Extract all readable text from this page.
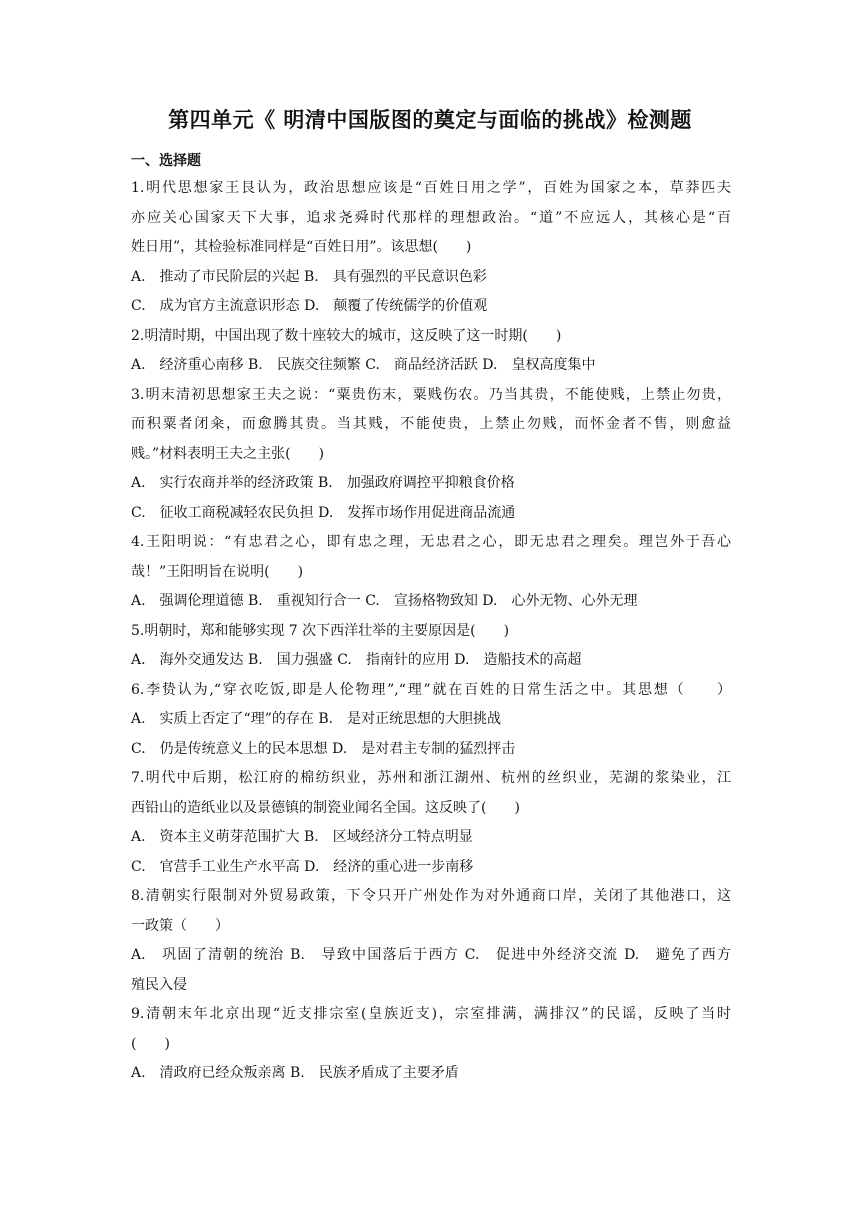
第四单元《 明清中国版图的奠定与面临的挑战》检测题
一、选择题
1.明代思想家王艮认为，政治思想应该是“百姓日用之学”，百姓为国家之本，草莽匹夫
亦应关心国家天下大事，追求尧舜时代那样的理想政治。“道”不应远人，其核心是“百
姓日用”，其检验标准同样是“百姓日用”。该思想(　　)
A.　推动了市民阶层的兴起 B.　具有强烈的平民意识色彩
C.　成为官方主流意识形态 D.　颠覆了传统儒学的价值观
2.明清时期，中国出现了数十座较大的城市，这反映了这一时期(　　)
A.　经济重心南移 B.　民族交往频繁 C.　商品经济活跃 D.　皇权高度集中
3.明末清初思想家王夫之说：“粟贵伤末，粟贱伤农。乃当其贵，不能使贱，上禁止勿贵，
而积粟者闭籴，而愈腾其贵。当其贱，不能使贵，上禁止勿贱，而怀金者不售，则愈益
贱。”材料表明王夫之主张(　　)
A.　实行农商并举的经济政策 B.　加强政府调控平抑粮食价格
C.　征收工商税减轻农民负担 D.　发挥市场作用促进商品流通
4.王阳明说：“有忠君之心，即有忠之理，无忠君之心，即无忠君之理矣。理岂外于吾心
哉！”王阳明旨在说明(　　)
A.　强调伦理道德 B.　重视知行合一 C.　宣扬格物致知 D.　心外无物、心外无理
5.明朝时，郑和能够实现 7 次下西洋壮举的主要原因是(　　)
A.　海外交通发达 B.　国力强盛 C.　指南针的应用 D.　造船技术的高超
6.李贽认为,“穿衣吃饭,即是人伦物理”,“理”就在百姓的日常生活之中。其思想（　　）
A.　实质上否定了“理”的存在 B.　是对正统思想的大胆挑战
C.　仍是传统意义上的民本思想 D.　是对君主专制的猛烈抨击
7.明代中后期，松江府的棉纺织业，苏州和浙江湖州、杭州的丝织业，芜湖的浆染业，江
西铅山的造纸业以及景德镇的制瓷业闻名全国。这反映了(　　)
A.　资本主义萌芽范围扩大 B.　区域经济分工特点明显
C.　官营手工业生产水平高 D.　经济的重心进一步南移
8.清朝实行限制对外贸易政策，下令只开广州处作为对外通商口岸，关闭了其他港口，这
一政策（　　）
A.　巩固了清朝的统治 B.　导致中国落后于西方 C.　促进中外经济交流 D.　避免了西方
殖民入侵
9.清朝末年北京出现“近支排宗室(皇族近支)，宗室排满，满排汉”的民谣，反映了当时
(　　)
A.　清政府已经众叛亲离 B.　民族矛盾成了主要矛盾
